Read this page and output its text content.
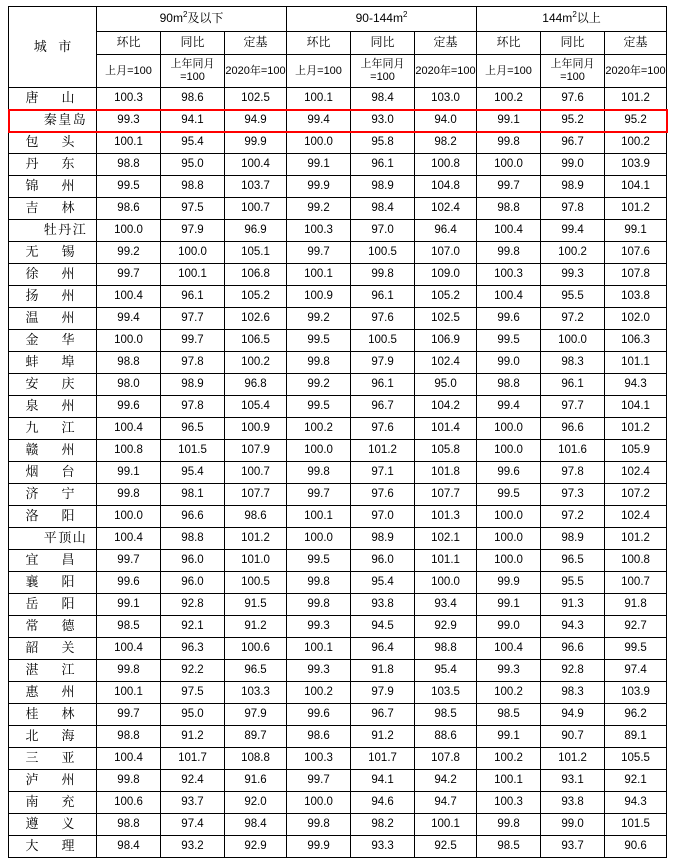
城 市	$90m^2$及以下			$90-144m^2$			$144m^2$以上		
	环比	同比	定基	环比	同比	定基	环比	同比	定基
	上月=100	上年同月=100	2020年=100	上月=100	上年同月=100	2020年=100	上月=100	上年同月=100	2020年=100
唐　山	100.3	98.6	102.5	100.1	98.4	103.0	100.2	97.6	101.2
秦皇岛	99.3	94.1	94.9	99.4	93.0	94.0	99.1	95.2	95.2
包　头	100.1	95.4	99.9	100.0	95.8	98.2	99.8	96.7	100.2
丹　东	98.8	95.0	100.4	99.1	96.1	100.8	100.0	99.0	103.9
锦　州	99.5	98.8	103.7	99.9	98.9	104.8	99.7	98.9	104.1
吉　林	98.6	97.5	100.7	99.2	98.4	102.4	98.8	97.8	101.2
牡丹江	100.0	97.9	96.9	100.3	97.0	96.4	100.4	99.4	99.1
无　锡	99.2	100.0	105.1	99.7	100.5	107.0	99.8	100.2	107.6
徐　州	99.7	100.1	106.8	100.1	99.8	109.0	100.3	99.3	107.8
扬　州	100.4	96.1	105.2	100.9	96.1	105.2	100.4	95.5	103.8
温　州	99.4	97.7	102.6	99.2	97.6	102.5	99.6	97.2	102.0
金　华	100.0	99.7	106.5	99.5	100.5	106.9	99.5	100.0	106.3
蚌　埠	98.8	97.8	100.2	99.8	97.9	102.4	99.0	98.3	101.1
安　庆	98.0	98.9	96.8	99.2	96.1	95.0	98.8	96.1	94.3
泉　州	99.6	97.8	105.4	99.5	96.7	104.2	99.4	97.7	104.1
九　江	100.4	96.5	100.9	100.2	97.6	101.4	100.0	96.6	101.2
赣　州	100.8	101.5	107.9	100.0	101.2	105.8	100.0	101.6	105.9
烟　台	99.1	95.4	100.7	99.8	97.1	101.8	99.6	97.8	102.4
济　宁	99.8	98.1	107.7	99.7	97.6	107.7	99.5	97.3	107.2
洛　阳	100.0	96.6	98.6	100.1	97.0	101.3	100.0	97.2	102.4
平顶山	100.4	98.8	101.2	100.0	98.9	102.1	100.0	98.9	101.2
宜　昌	99.7	96.0	101.0	99.5	96.0	101.1	100.0	96.5	100.8
襄　阳	99.6	96.0	100.5	99.8	95.4	100.0	99.9	95.5	100.7
岳　阳	99.1	92.8	91.5	99.8	93.8	93.4	99.1	91.3	91.8
常　德	98.5	92.1	91.2	99.3	94.5	92.9	99.0	94.3	92.7
韶　关	100.4	96.3	100.6	100.1	96.4	98.8	100.4	96.6	99.5
湛　江	99.8	92.2	96.5	99.3	91.8	95.4	99.3	92.8	97.4
惠　州	100.1	97.5	103.3	100.2	97.9	103.5	100.2	98.3	103.9
桂　林	99.7	95.0	97.9	99.6	96.7	98.5	98.5	94.9	96.2
北　海	98.8	91.2	89.7	98.6	91.2	88.6	99.1	90.7	89.1
三　亚	100.4	101.7	108.8	100.3	101.7	107.8	100.2	101.2	105.5
泸　州	99.8	92.4	91.6	99.7	94.1	94.2	100.1	93.1	92.1
南　充	100.6	93.7	92.0	100.0	94.6	94.7	100.3	93.8	94.3
遵　义	98.8	97.4	98.4	99.8	98.2	100.1	99.8	99.0	101.5
大　理	98.4	93.2	92.9	99.9	93.3	92.5	98.5	93.7	90.6
